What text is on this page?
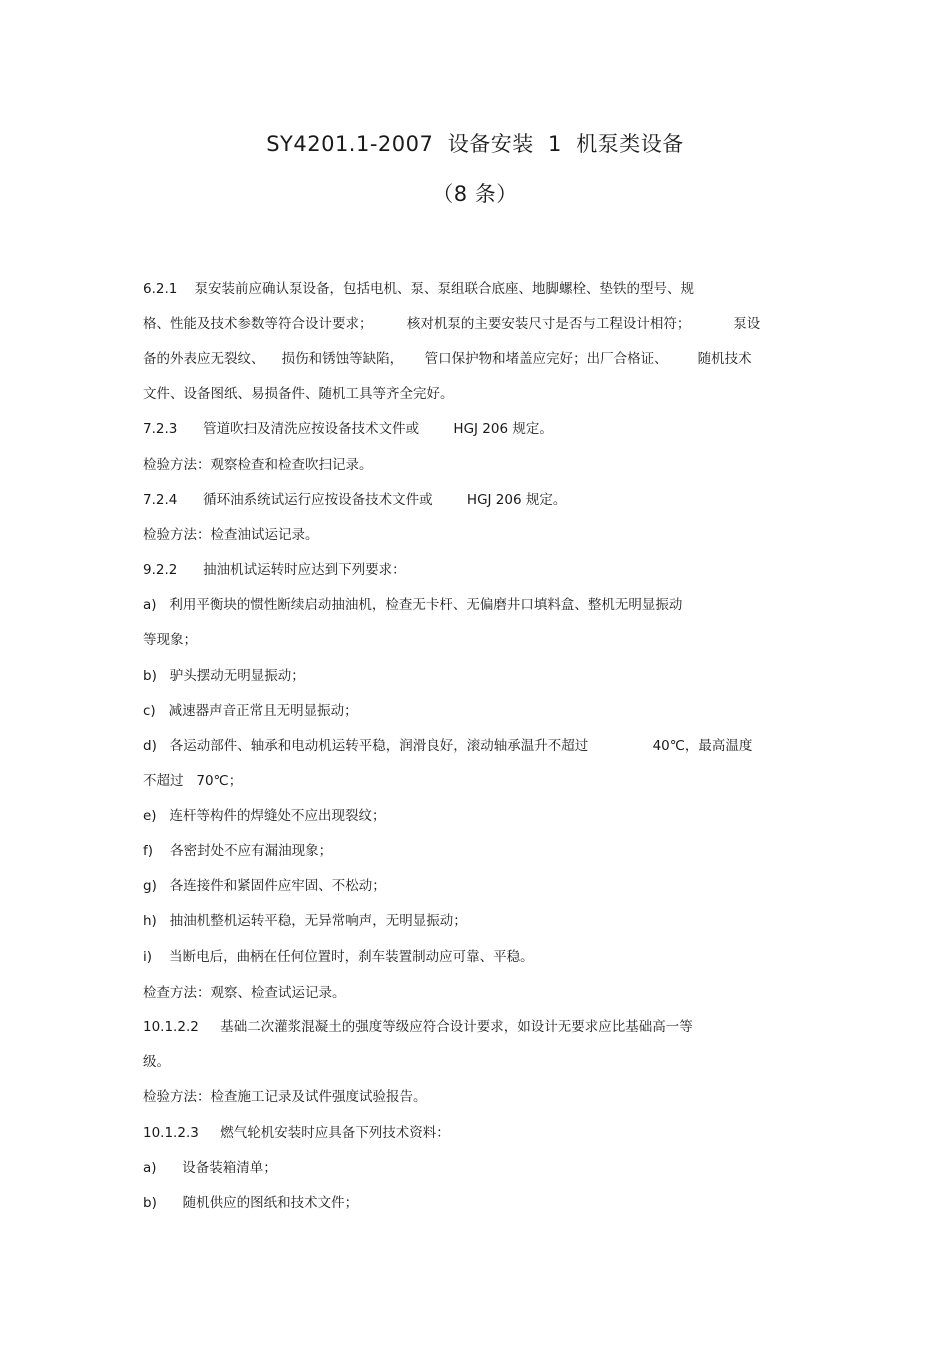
SY4201.1-2007  设备安装  1  机泵类设备
（8 条）
6.2.1    泵安装前应确认泵设备，包括电机、泵、泵组联合底座、地脚螺栓、垫铁的型号、规
格、性能及技术参数等符合设计要求；        核对机泵的主要安装尺寸是否与工程设计相符；          泵设
备的外表应无裂纹、    损伤和锈蚀等缺陷，     管口保护物和堵盖应完好；出厂合格证、       随机技术
文件、设备图纸、易损备件、随机工具等齐全完好。
7.2.3      管道吹扫及清洗应按设备技术文件或        HGJ 206 规定。
检验方法：观察检查和检查吹扫记录。
7.2.4      循环油系统试运行应按设备技术文件或        HGJ 206 规定。
检验方法：检查油试运记录。
9.2.2      抽油机试运转时应达到下列要求：
a)   利用平衡块的惯性断续启动抽油机，检查无卡杆、无偏磨井口填料盒、整机无明显振动
等现象；
b)   驴头摆动无明显振动；
c)   减速器声音正常且无明显振动；
d)   各运动部件、轴承和电动机运转平稳，润滑良好，滚动轴承温升不超过               40℃，最高温度
不超过   70℃；
e)   连杆等构件的焊缝处不应出现裂纹；
f)    各密封处不应有漏油现象；
g)   各连接件和紧固件应牢固、不松动；
h)   抽油机整机运转平稳，无异常响声，无明显振动；
i)    当断电后，曲柄在任何位置时，刹车装置制动应可靠、平稳。
检查方法：观察、检查试运记录。
10.1.2.2     基础二次灌浆混凝土的强度等级应符合设计要求，如设计无要求应比基础高一等
级。
检验方法：检查施工记录及试件强度试验报告。
10.1.2.3     燃气轮机安装时应具备下列技术资料：
a)      设备装箱清单；
b)      随机供应的图纸和技术文件；
